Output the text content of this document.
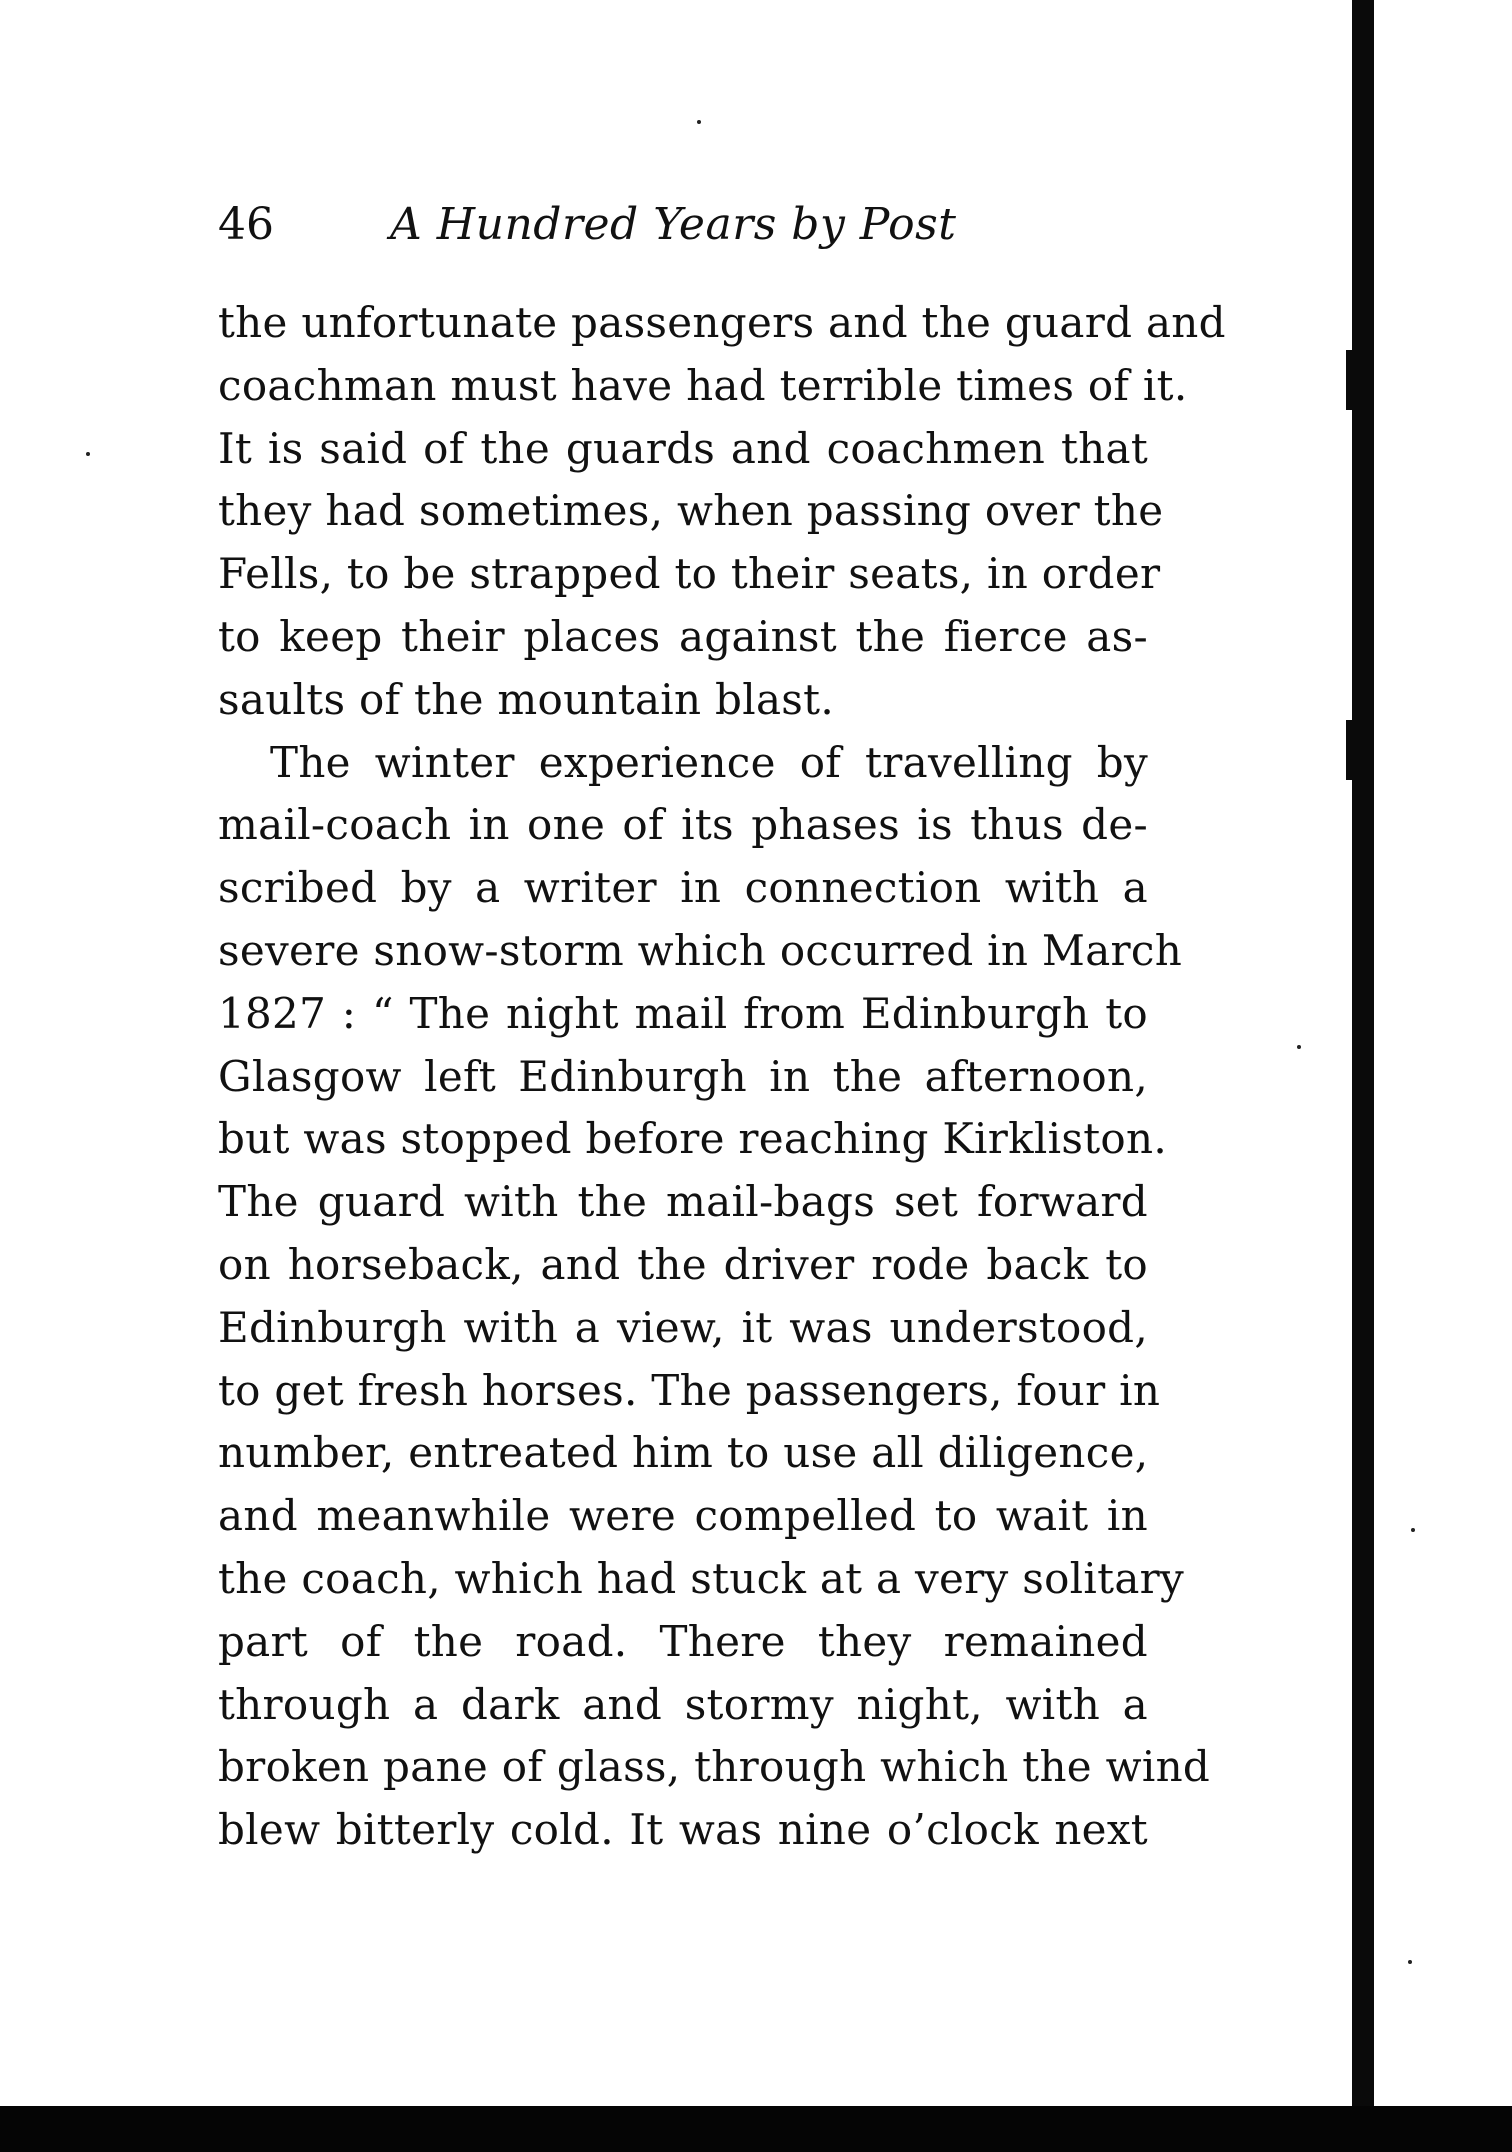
46	A Hundred Years by Post
the unfortunate passengers and the guard and
coachman must have had terrible times of it.
It is said of the guards and coachmen that
they had sometimes, when passing over the
Fells, to be strapped to their seats, in order
to keep their places against the fierce as-
saults of the mountain blast.
The winter experience of travelling by
mail-coach in one of its phases is thus de-
scribed by a writer in connection with a
severe snow-storm which occurred in March
1827 : “ The night mail from Edinburgh to
Glasgow left Edinburgh in the afternoon,
but was stopped before reaching Kirkliston.
The guard with the mail-bags set forward
on horseback, and the driver rode back to
Edinburgh with a view, it was understood,
to get fresh horses. The passengers, four in
number, entreated him to use all diligence,
and meanwhile were compelled to wait in
the coach, which had stuck at a very solitary
part of the road. There they remained
through a dark and stormy night, with a
broken pane of glass, through which the wind
blew bitterly cold. It was nine o’clock next
